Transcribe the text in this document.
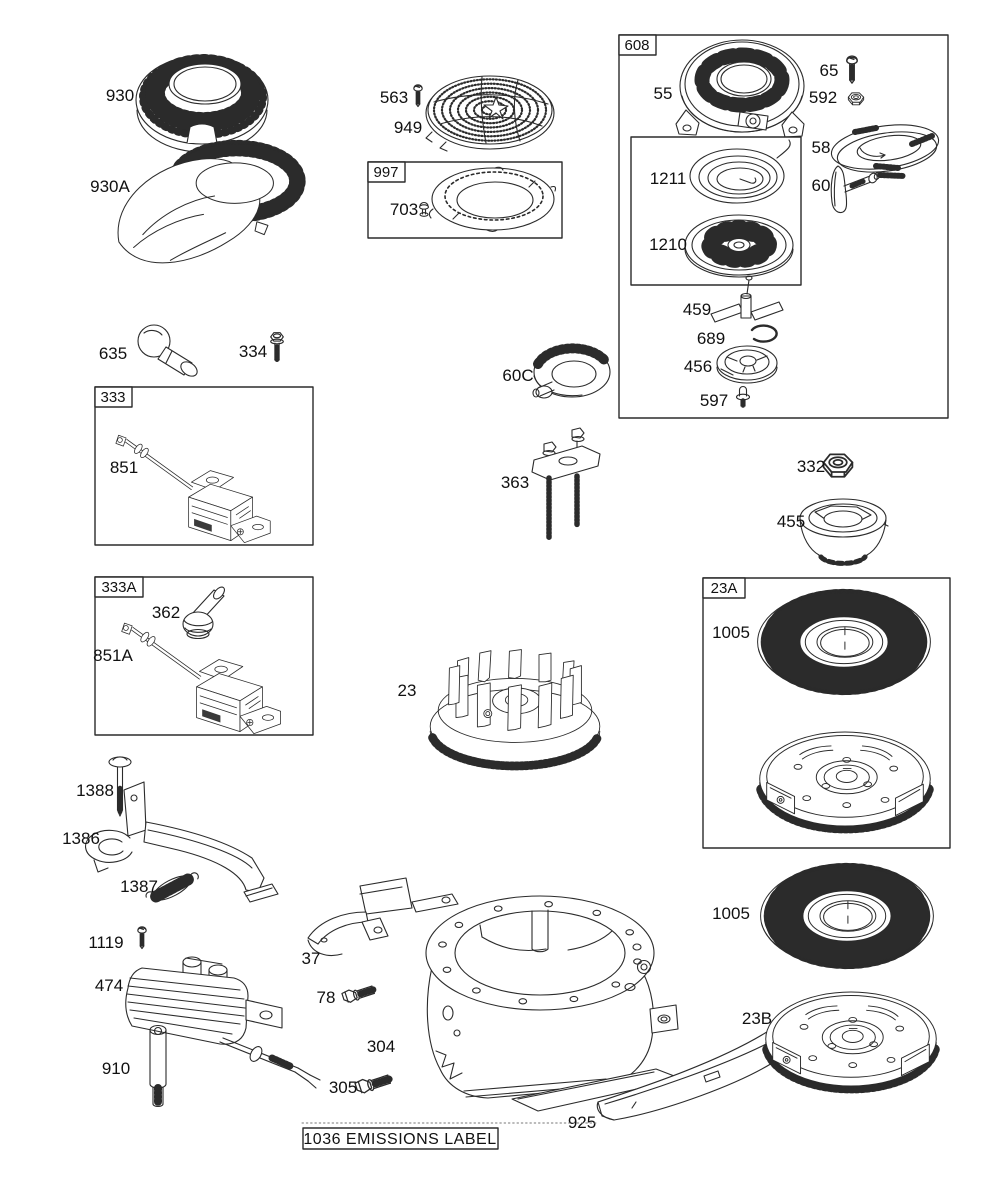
930
930A
563
949
997
703
608
55
65
592
58
60
1211
1210
459
689
456
597
635	334
333
851
60C
363
332
455
333A
362
851A
23
23A
1005
1388
1386
1387
1119
474
910
37
78
304
305
925
1005
23B
1036 EMISSIONS LABEL
